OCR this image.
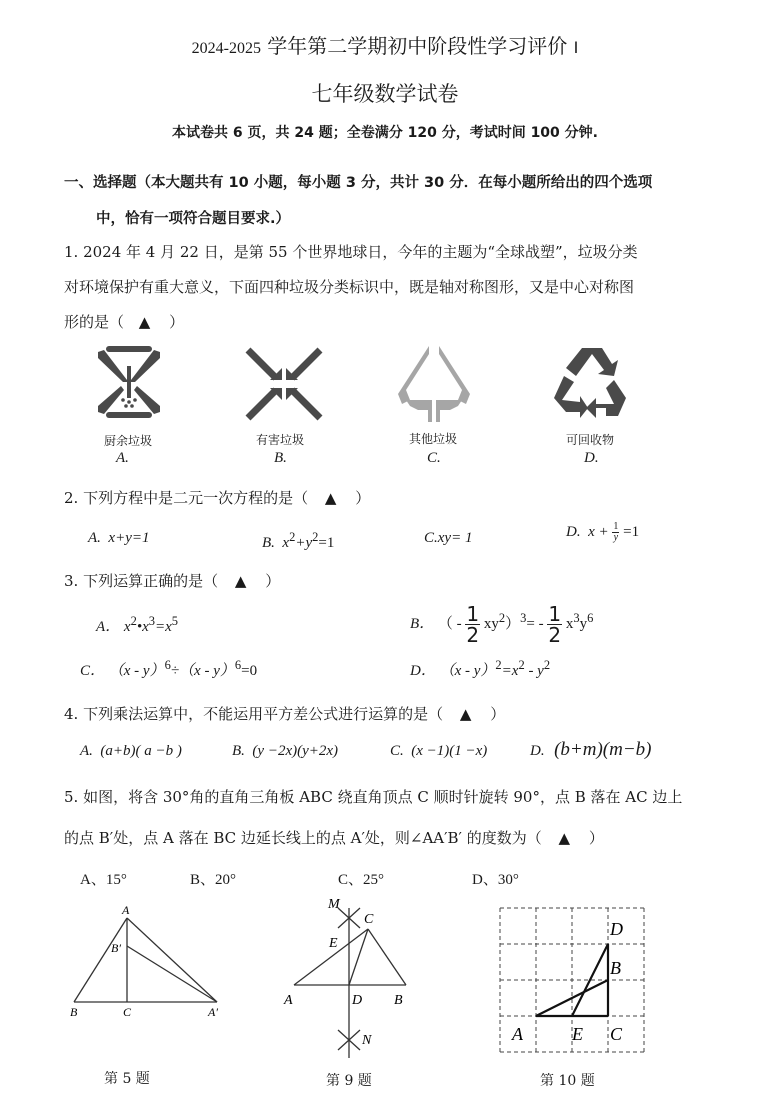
2024-2025 学年第二学期初中阶段性学习评价 Ⅰ
七年级数学试卷
本试卷共 6 页，共 24 题；全卷满分 120 分，考试时间 100 分钟.
一、选择题（本大题共有 10 小题，每小题 3 分，共计 30 分．在每小题所给出的四个选项
中，恰有一项符合题目要求.）
1. 2024 年 4 月 22 日，是第 55 个世界地球日，今年的主题为“全球战塑”，垃圾分类
对环境保护有重大意义，下面四种垃圾分类标识中，既是轴对称图形，又是中心对称图
形的是（ ▲ ）
厨余垃圾
A.
有害垃圾
B.
其他垃圾
C.
可回收物
D.
2. 下列方程中是二元一次方程的是（ ▲ ）
A. x+y=1	B. $x^2+y^2=1$	C.xy= 1	D. $x + \frac{1}{y} =1$
3. 下列运算正确的是（ ▲ ）
A． $x^2•x^3=x^5$	B． （ - $\frac{1}{2} xy^2)^3= - \frac{1}{2} x^3y^6$
C． （x - y）$^6$÷（x - y）$^6$=0	D． $(x - y)^2=x^2 - y^2$
4. 下列乘法运算中，不能运用平方差公式进行运算的是（ ▲ ）
A. (a+b)( a −b )	B. (y −2x)(y+2x)	C. (x −1)(1 −x)	D. (b+m)(m−b)
5. 如图，将含 30°角的直角三角板 ABC 绕直角顶点 C 顺时针旋转 90°，点 B 落在 AC 边上
的点 B′处，点 A 落在 BC 边延长线上的点 A′处，则∠AA′B′ 的度数为（ ▲ ）
A、15°	B、20°	C、25°	D、30°
A
B′
B	C	A′
第 5 题
M
C
E
A	D B
N
第 9 题
D
B
A	E C
第 10 题
